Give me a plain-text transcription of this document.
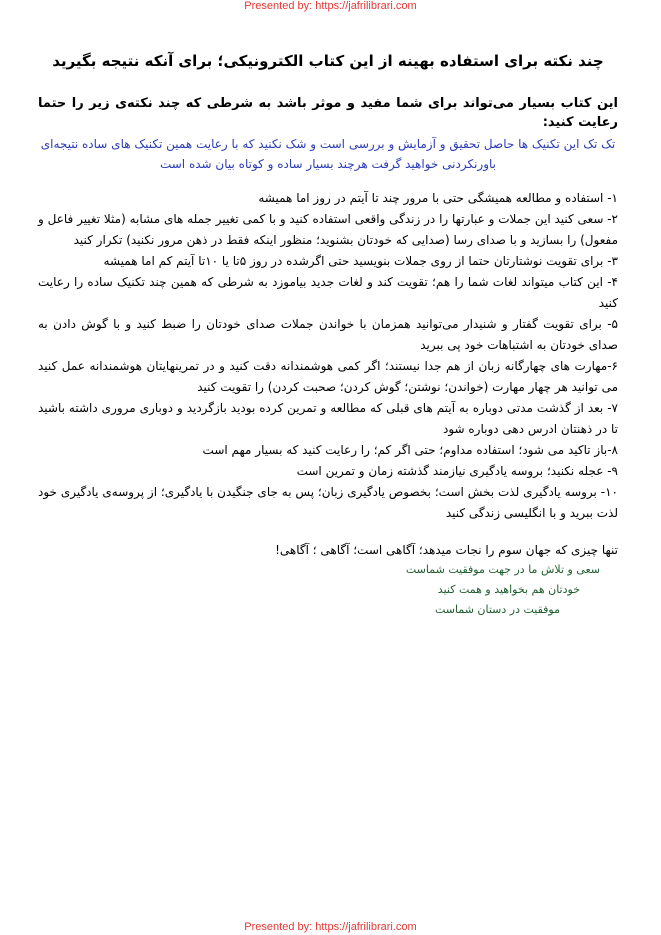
Presented by: https://jafrilibrari.com
چند نکته برای استفاده بهینه از این کتاب الکترونیکی؛ برای آنکه نتیجه بگیرید
این کتاب بسیار می‌تواند برای شما مفید و موثر باشد به شرطی که چند نکته‌ی زیر را حتما رعایت کنید:
تک تک این تکنیک ها حاصل تحقیق و آزمایش و بررسی است و شک نکنید که با رعایت همین تکنیک های ساده نتیجه‌ای باورنکردنی خواهید گرفت هرچند بسیار ساده و کوتاه بیان شده است
۱- استفاده و مطالعه همیشگی حتی با مرور چند تا آیتم در روز اما همیشه
۲- سعی کنید این جملات و عبارتها را در زندگی واقعی استفاده کنید و با کمی تغییر جمله های مشابه (مثلا تغییر فاعل و مفعول) را بسازید و با صدای رسا (صدایی که خودتان بشنوید؛ منظور اینکه فقط در ذهن مرور نکنید) تکرار کنید
۳- برای تقویت نوشتارتان حتما از روی جملات بنویسید حتی اگرشده در روز ۵تا یا ۱۰تا آیتم کم اما همیشه
۴- این کتاب میتواند لغات شما را هم؛ تقویت کند و لغات جدید بیاموزد به شرطی که همین چند تکنیک ساده را رعایت کنید
۵- برای تقویت گفتار و شنیدار می‌توانید همزمان با خواندن جملات صدای خودتان را ضبط کنید و با گوش دادن به صدای خودتان به اشتباهات خود پی ببرید
۶-مهارت های چهارگانه زبان از هم جدا نیستند؛ اگر کمی هوشمندانه دقت کنید و در تمرینهایتان هوشمندانه عمل کنید می توانید هر چهار مهارت (خواندن؛ نوشتن؛ گوش کردن؛ صحبت کردن) را تقویت کنید
۷- بعد از گذشت مدتی دوباره به آیتم های قبلی که مطالعه و تمرین کرده بودید بازگردید و دوباری مروری داشته باشید تا در ذهنتان ادرس دهی دوباره شود
۸-باز تاکید می شود؛ استفاده مداوم؛ حتی اگر کم؛ را رعایت کنید که بسیار مهم است
۹- عجله نکنید؛ بروسه یادگیری نیازمند گذشته زمان و تمرین است
۱۰- بروسه یادگیری لذت بخش است؛ بخصوص یادگیری زبان؛ پس به جای جنگیدن با یادگیری؛ از پروسه‌ی یادگیری خود لذت ببرید و با انگلیسی زندگی کنید

تنها چیزی که جهان سوم را نجات میدهد؛ آگاهی است؛ آگاهی ؛ آگاهی!

سعی و تلاش ما در جهت موفقیت شماست

خودتان هم بخواهید و همت کنید

موفقیت در دستان شماست

Presented by: https://jafrilibrari.com
